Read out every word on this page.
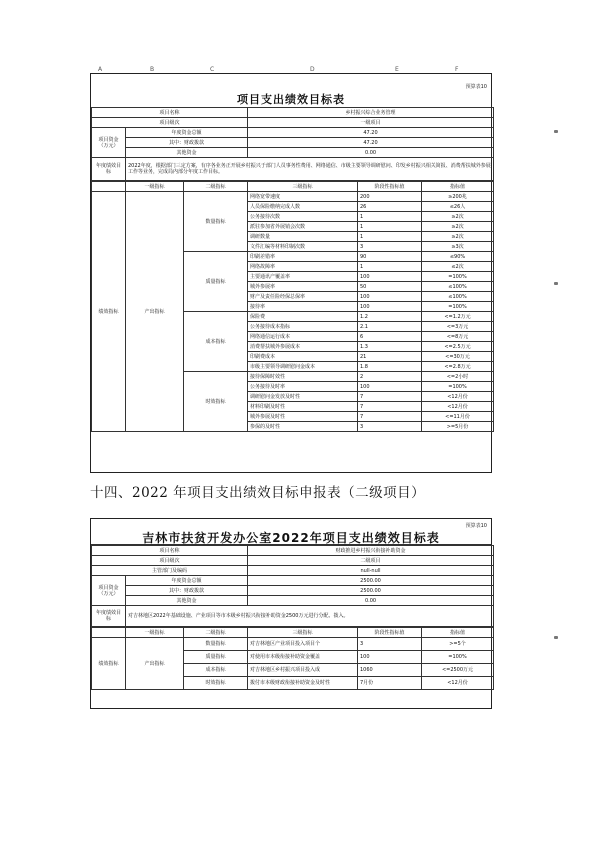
A	B	C	D	E	F
预算表10
项目支出绩效目标表
项目名称		乡村振兴综合业务管理
项目级次		一级项目
项目资金（万元）	年度资金总额	47.20
	其中：财政拨款	47.20
	其他资金	0.00
年度绩效目标	2022年度，根据部门三定方案，有序各业务正开展乡村振兴于部门人员事务性费用、网络通信、市级主要领导调研慰问、印发乡村振兴相关简报、消费帮扶城外参展工作等业务，完成局内部分年度工作目标。	
	一级指标	二级指标	三级指标	阶段性指标值	指标值
绩效指标	产出指标	数量指标	网络宽带速度	200	≥200兆
			人员保险缴纳完成人数	26	≤26人
			公务接待次数	1	≥2次
			派驻参加省外展销会次数	1	≥2次
			调研数量	1	≥2次
			文件汇编等材料印制次数	3	≥3次
		质量指标	印刷差错率	90	≤90%
			网络故障率	1	≤2次
			主要通讯产覆盖率	100	=100%
			城外参展率	50	≤100%
			财产及责任险经保总保率	100	≤100%
			接待率	100	=100%
		成本指标	保险费	1.2	<=1.2万元
			公务接待成本指标	2.1	<=3万元
			网络通信运行成本	6	<=8万元
			消费帮扶城外参展成本	1.3	<=2.5万元
			印刷费成本	21	<=30万元
			市级主要领导调研慰问金成本	1.8	<=2.8万元
		时效指标	接待保障时效性	2	<=2小时
			公务接待及时率	100	=100%
			调研慰问金发放及时性	7	<12月份
			材料印刷及时性	7	<12月份
			城外参展及时性	7	<=11月份
			参保的及时性	3	>=5月份
十四、2022 年项目支出绩效目标申报表（二级项目）
预算表10
吉林市扶贫开发办公室2022年项目支出绩效目标表
项目名称		财政推进乡村振兴衔接补助资金
项目级次		二级项目
主管部门及编码		null-null
项目资金（万元）	年度资金总额	2500.00
	其中：财政拨款	2500.00
	其他资金	0.00
年度绩效目标	对吉林地区2022年基础设施、产业项目等市本级乡村振兴衔接补助资金2500万元进行分配、拨入。	
	一级指标	二级指标	三级指标	阶段性指标值	指标值
绩效指标	产出指标	数量指标	对吉林地区产业项目投入项目个	3	>=5个
		质量指标	对使用市本级衔接补助资金覆盖	100	=100%
		成本指标	对吉林地区乡村振兴项目投入成	1060	<=2500万元
		时效指标	拨付市本级财政衔接补助资金及时性	7月份	<12月份
